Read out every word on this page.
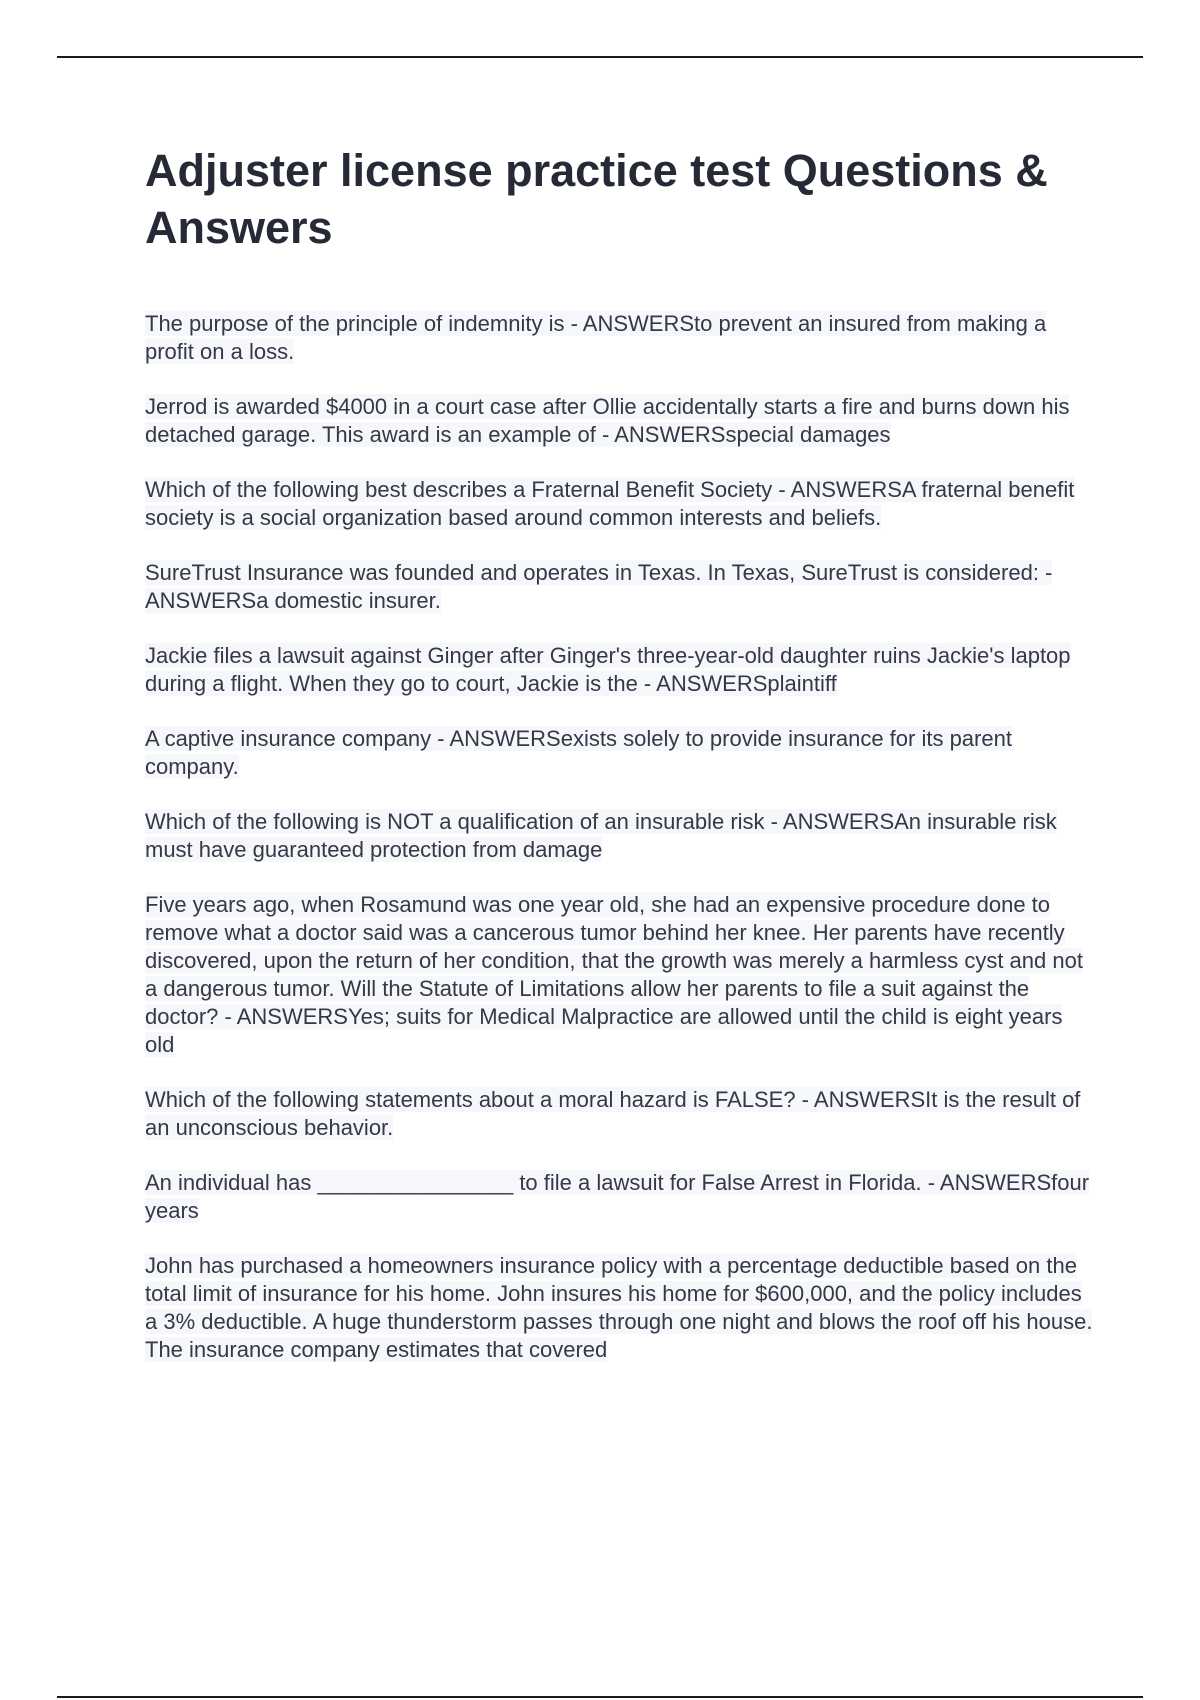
Adjuster license practice test Questions & Answers

The purpose of the principle of indemnity is - ANSWERSto prevent an insured from making a profit on a loss.

Jerrod is awarded $4000 in a court case after Ollie accidentally starts a fire and burns down his detached garage. This award is an example of - ANSWERSspecial damages

Which of the following best describes a Fraternal Benefit Society - ANSWERSA fraternal benefit society is a social organization based around common interests and beliefs.

SureTrust Insurance was founded and operates in Texas. In Texas, SureTrust is considered: - ANSWERSa domestic insurer.

Jackie files a lawsuit against Ginger after Ginger's three-year-old daughter ruins Jackie's laptop during a flight. When they go to court, Jackie is the - ANSWERSplaintiff

A captive insurance company - ANSWERSexists solely to provide insurance for its parent company.

Which of the following is NOT a qualification of an insurable risk - ANSWERSAn insurable risk must have guaranteed protection from damage

Five years ago, when Rosamund was one year old, she had an expensive procedure done to remove what a doctor said was a cancerous tumor behind her knee. Her parents have recently discovered, upon the return of her condition, that the growth was merely a harmless cyst and not a dangerous tumor. Will the Statute of Limitations allow her parents to file a suit against the doctor? - ANSWERSYes; suits for Medical Malpractice are allowed until the child is eight years old

Which of the following statements about a moral hazard is FALSE? - ANSWERSIt is the result of an unconscious behavior.

An individual has ________________ to file a lawsuit for False Arrest in Florida. - ANSWERSfour years

John has purchased a homeowners insurance policy with a percentage deductible based on the total limit of insurance for his home. John insures his home for $600,000, and the policy includes a 3% deductible. A huge thunderstorm passes through one night and blows the roof off his house. The insurance company estimates that covered
